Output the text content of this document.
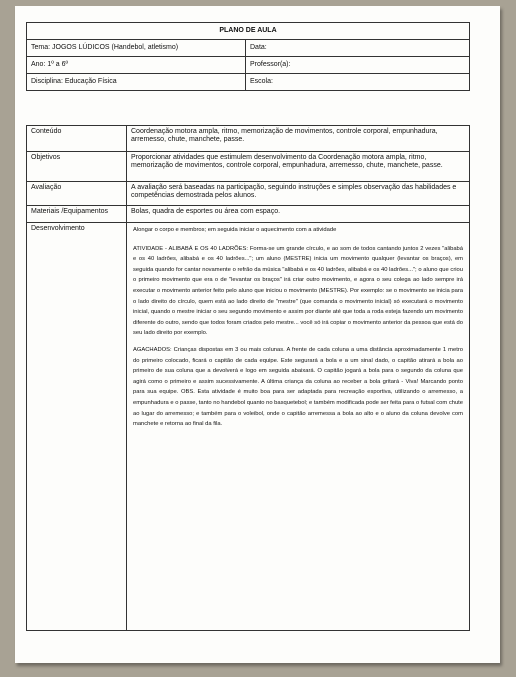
PLANO DE AULA	
Tema: JOGOS LÚDICOS (Handebol, atletismo)	Data:
Ano: 1º a 6º	Professor(a):
Disciplina: Educação Física	Escola:
Conteúdo	Coordenação motora ampla, ritmo, memorização de movimentos, controle corporal, empunhadura, arremesso, chute, manchete, passe.
Objetivos	Proporcionar atividades que estimulem desenvolvimento da Coordenação motora ampla, ritmo, memorização de movimentos, controle corporal, empunhadura, arremesso, chute, manchete, passe.
Avaliação	A avaliação será baseadas na participação, seguindo instruções e simples observação das habilidades e competências demostrada pelos alunos.
Materiais /Equipamentos	Bolas, quadra de esportes ou área com espaço.
Desenvolvimento	Alongar o corpo e membros; em seguida iniciar o aquecimento com a atividade

ATIVIDADE - ALIBABÁ E OS 40 LADRÕES: Forma-se um grande círculo, e ao som de todos cantando juntos 2 vezes "alibabá e os 40 ladrões, alibabá e os 40 ladrões..."; um aluno (MESTRE) inicia um movimento qualquer (levantar os braços), em seguida quando for cantar novamente o refrão da música "alibabá e os 40 ladrões, alibabá e os 40 ladrões..."; o aluno que criou o primeiro movimento que era o de "levantar os braços" irá criar outro movimento, e agora o seu colega ao lado sempre irá executar o movimento anterior feito pelo aluno que iniciou o movimento (MESTRE). Por exemplo: se o movimento se inicia para o lado direito do círculo, quem está ao lado direito de "mestre" (que comanda o movimento inicial) só executará o movimento inicial, quando o mestre iniciar o seu segundo movimento e assim por diante até que toda a roda esteja fazendo um movimento diferente do outro, sendo que todos foram criados pelo mestre... você só irá copiar o movimento anterior da pessoa que está do seu lado direito por exemplo.

AGACHADOS: Crianças dispostas em 3 ou mais colunas. A frente de cada coluna a uma distância aproximadamente 1 metro do primeiro colocado, ficará o capitão de cada equipe. Este segurará a bola e a um sinal dado, o capitão atirará a bola ao primeiro de sua coluna que a devolverá e logo em seguida abaixará. O capitão jogará a bola para o segundo da coluna que agirá como o primeiro e assim sucessivamente. A última criança da coluna ao receber a bola gritará - Viva! Marcando ponto para sua equipe. OBS. Esta atividade é muito boa para ser adaptada para recreação esportiva, utilizando o arremesso, a empunhadura e o passe, tanto no handebol quanto no basquetebol; e também modificada pode ser feita para o futsal com chute ao lugar do arremesso; e também para o voleibol, onde o capitão arremessa a bola ao alto e o aluno da coluna devolve com manchete e retorna ao final da fila.
